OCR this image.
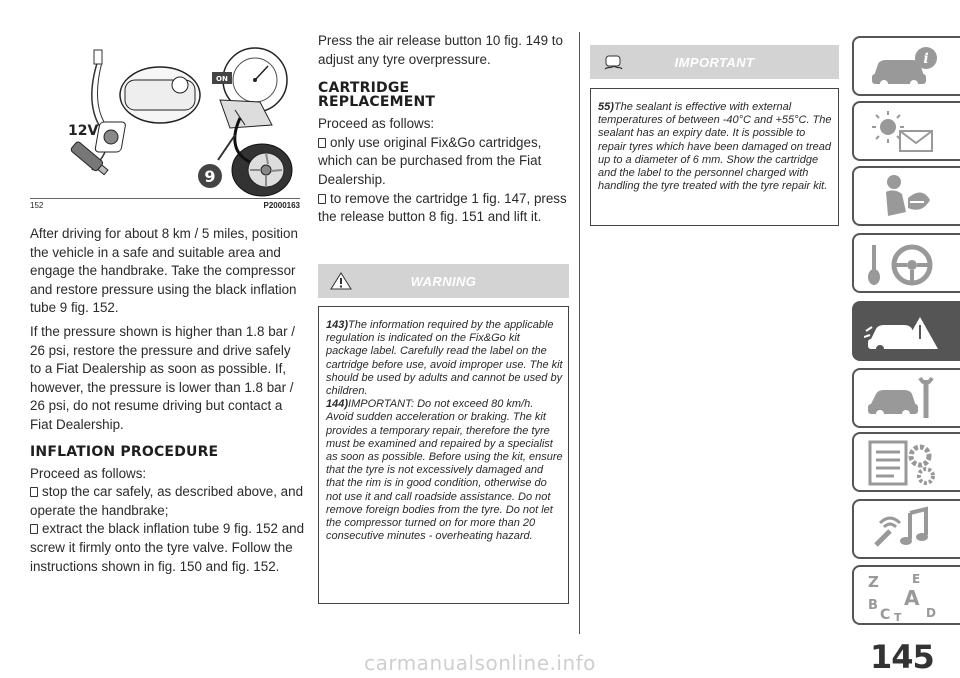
12V
ON
9
152	P2000163

After driving for about 8 km / 5 miles, position the vehicle in a safe and suitable area and engage the handbrake. Take the compressor and restore pressure using the black inflation tube 9 fig. 152.

If the pressure shown is higher than 1.8 bar / 26 psi, restore the pressure and drive safely to a Fiat Dealership as soon as possible. If, however, the pressure is lower than 1.8 bar / 26 psi, do not resume driving but contact a Fiat Dealership.

INFLATION PROCEDURE
Proceed as follows:
stop the car safely, as described above, and operate the handbrake;
extract the black inflation tube 9 fig. 152 and screw it firmly onto the tyre valve. Follow the instructions shown in fig. 150 and fig. 152.

Press the air release button 10 fig. 149 to adjust any tyre overpressure.

CARTRIDGE
REPLACEMENT
Proceed as follows:
only use original Fix&Go cartridges, which can be purchased from the Fiat Dealership.
to remove the cartridge 1 fig. 147, press the release button 8 fig. 151 and lift it.
WARNING

143)The information required by the applicable regulation is indicated on the Fix&Go kit package label. Carefully read the label on the cartridge before use, avoid improper use. The kit should be used by adults and cannot be used by children.

144)IMPORTANT: Do not exceed 80 km/h. Avoid sudden acceleration or braking. The kit provides a temporary repair, therefore the tyre must be examined and repaired by a specialist as soon as possible. Before using the kit, ensure that the tyre is not excessively damaged and that the rim is in good condition, otherwise do not use it and call roadside assistance. Do not remove foreign bodies from the tyre. Do not let the compressor turned on for more than 20 consecutive minutes - overheating hazard.

IMPORTANT

55)The sealant is effective with external temperatures of between -40°C and +55°C. The sealant has an expiry date. It is possible to repair tyres which have been damaged on tread up to a diameter of 6 mm. Show the cartridge and the label to the personnel charged with handling the tyre treated with the tyre repair kit.

i
Z	E
B A
C	D
T
145
carmanualsonline.info
